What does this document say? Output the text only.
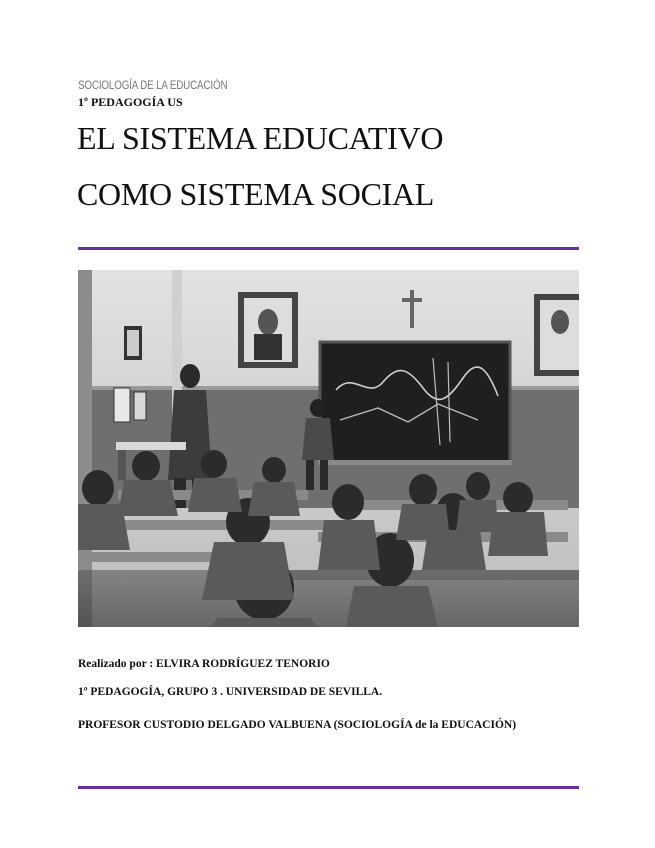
SOCIOLOGÍA DE LA EDUCACIÓN
1º PEDAGOGÍA US
EL SISTEMA EDUCATIVO
COMO SISTEMA SOCIAL
Realizado por : ELVIRA RODRÍGUEZ TENORIO
1º PEDAGOGÍA, GRUPO 3 . UNIVERSIDAD DE SEVILLA.
PROFESOR CUSTODIO DELGADO VALBUENA (SOCIOLOGÍA de la EDUCACIÓN)
